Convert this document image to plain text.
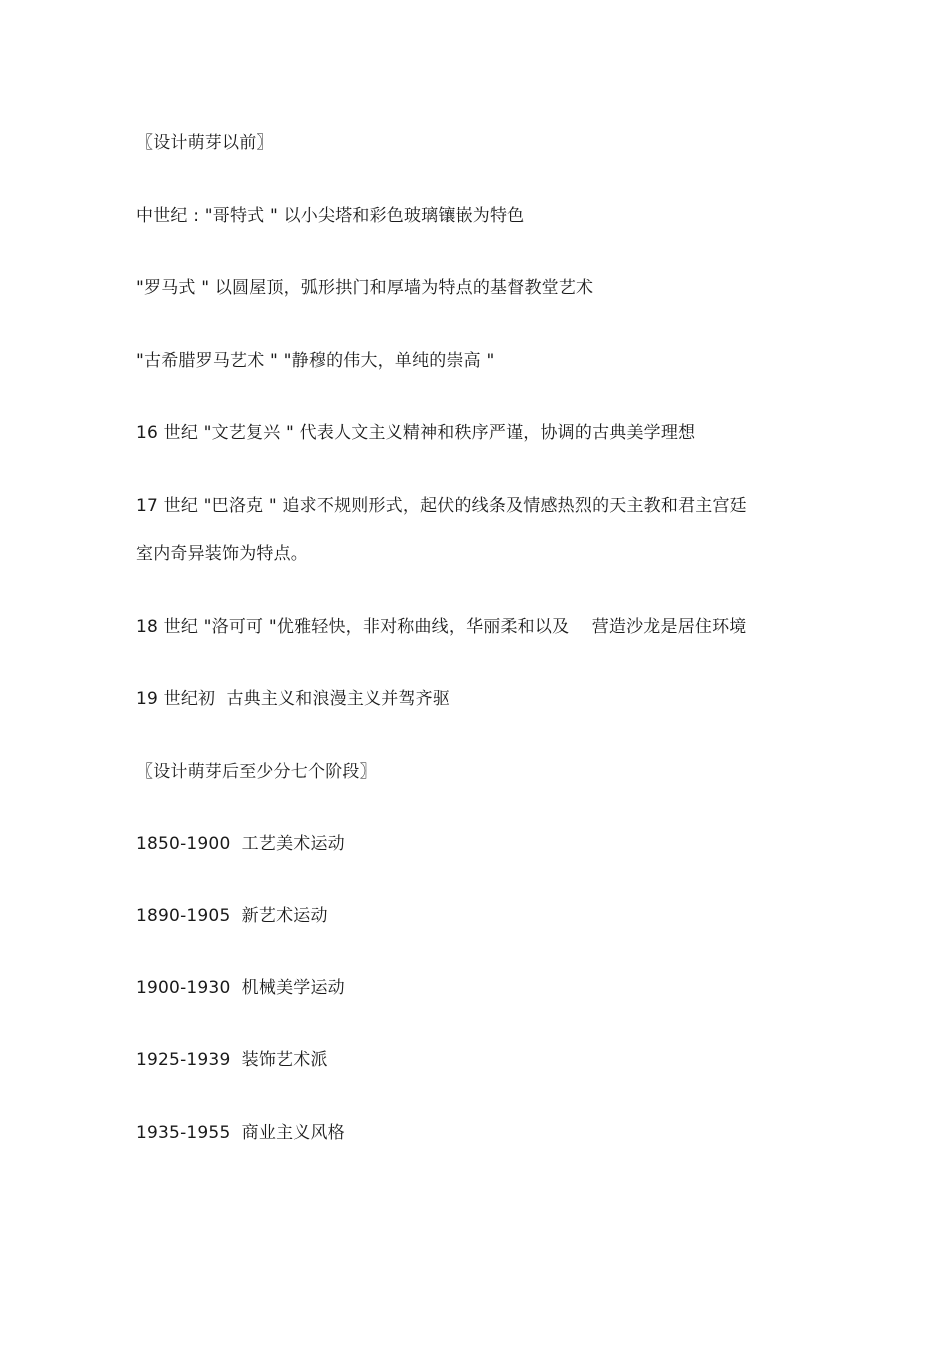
〖设计萌芽以前〗
中世纪 : "哥特式 " 以小尖塔和彩色玻璃镶嵌为特色
"罗马式 " 以圆屋顶，弧形拱门和厚墙为特点的基督教堂艺术
"古希腊罗马艺术 " "静穆的伟大，单纯的崇高 "
16 世纪 "文艺复兴 " 代表人文主义精神和秩序严谨，协调的古典美学理想
17 世纪 "巴洛克 " 追求不规则形式，起伏的线条及情感热烈的天主教和君主宫廷
室内奇异装饰为特点。
18 世纪 "洛可可 "优雅轻快，非对称曲线，华丽柔和以及    营造沙龙是居住环境
19 世纪初  古典主义和浪漫主义并驾齐驱
〖设计萌芽后至少分七个阶段〗
1850-1900  工艺美术运动
1890-1905  新艺术运动
1900-1930  机械美学运动
1925-1939  装饰艺术派
1935-1955  商业主义风格
